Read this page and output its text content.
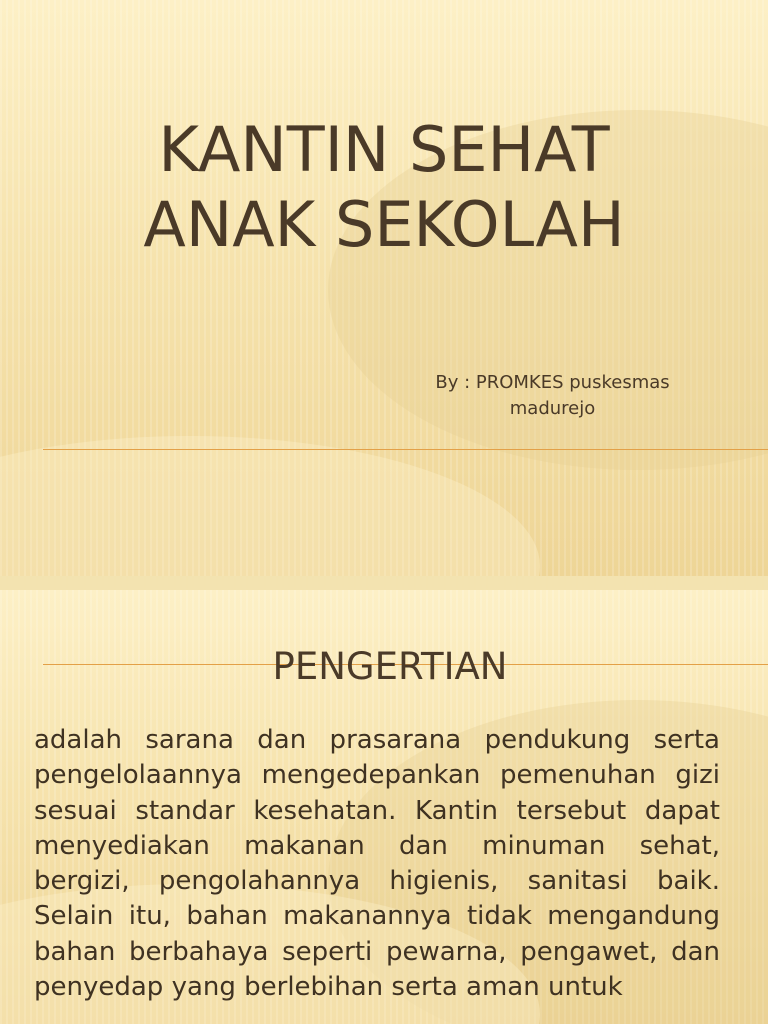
KANTIN SEHAT
ANAK SEKOLAH
By : PROMKES puskesmas
madurejo
PENGERTIAN

adalah sarana dan prasarana pendukung serta pengelolaannya mengedepankan pemenuhan gizi sesuai standar kesehatan. Kantin tersebut dapat menyediakan makanan dan minuman sehat, bergizi, pengolahannya higienis, sanitasi baik. Selain itu, bahan makanannya tidak mengandung bahan berbahaya seperti pewarna, pengawet, dan penyedap yang berlebihan serta aman untuk
